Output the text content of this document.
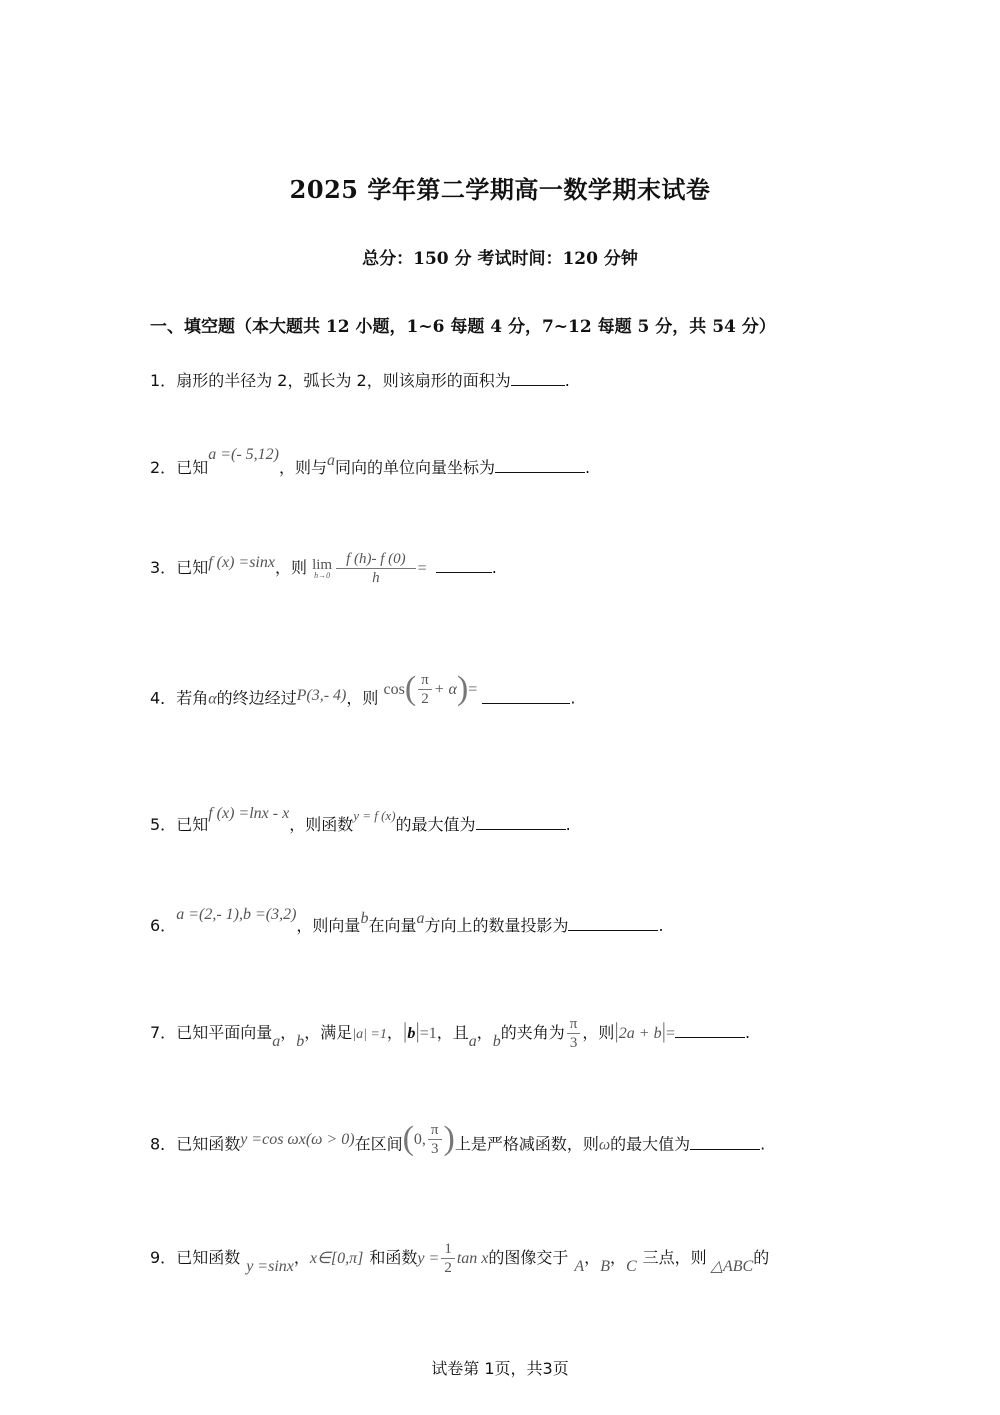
2025 学年第二学期高一数学期末试卷
总分：150 分 考试时间：120 分钟
一、填空题（本大题共 12 小题，1~6 每题 4 分，7~12 每题 5 分，共 54 分）
1．扇形的半径为 2，弧长为 2，则该扇形的面积为	.
2．已知a =(- 5,12)，则与a同向的单位向量坐标为	.
3．已知f (x) =sinx，则 lim
$h\to 0 \frac{f (h)- f (0)}{h}$ =	.
4．若角α的终边经过P(3,- 4)，则 $\cos( \frac{\pi}{2} + \alpha)=$	.
5．已知f (x) =lnx - x，则函数$^{y = f (x)}$的最大值为	.
6．a =(2,- 1),b =(3,2)，则向量b在向量a方向上的数量投影为	.
7．已知平面向量a，b，满足|a| =1，|b|=1，且a，b的夹角为 $\frac{\pi}{3}$ ，则|2a + b|=	.
8．已知函数y =cos ωx(ω > 0)在区间(0, $\frac{\pi}{3}$ )上是严格减函数，则ω的最大值为	.
9．已知函数 y =sinx，x∈[0,π] 和函数$y = \frac{1}{2}$ tan x的图像交于 A，B，C 三点，则 △ABC的
试卷第 1页，共3页
